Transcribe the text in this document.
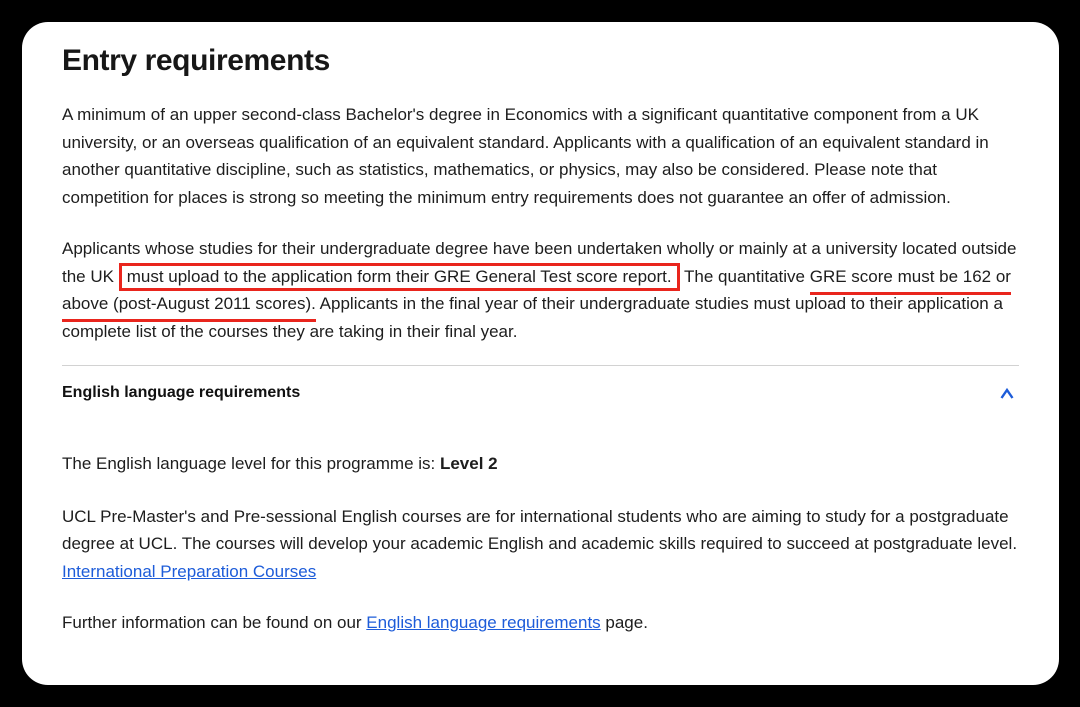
Entry requirements

A minimum of an upper second-class Bachelor's degree in Economics with a significant quantitative component from a UK university, or an overseas qualification of an equivalent standard. Applicants with a qualification of an equivalent standard in another quantitative discipline, such as statistics, mathematics, or physics, may also be considered. Please note that competition for places is strong so meeting the minimum entry requirements does not guarantee an offer of admission.

Applicants whose studies for their undergraduate degree have been undertaken wholly or mainly at a university located outside the UK must upload to the application form their GRE General Test score report. The quantitative GRE score must be 162 or above (post-August 2011 scores). Applicants in the final year of their undergraduate studies must upload to their application a complete list of the courses they are taking in their final year.

English language requirements

The English language level for this programme is: Level 2

UCL Pre-Master's and Pre-sessional English courses are for international students who are aiming to study for a postgraduate degree at UCL. The courses will develop your academic English and academic skills required to succeed at postgraduate level. International Preparation Courses

Further information can be found on our English language requirements page.
